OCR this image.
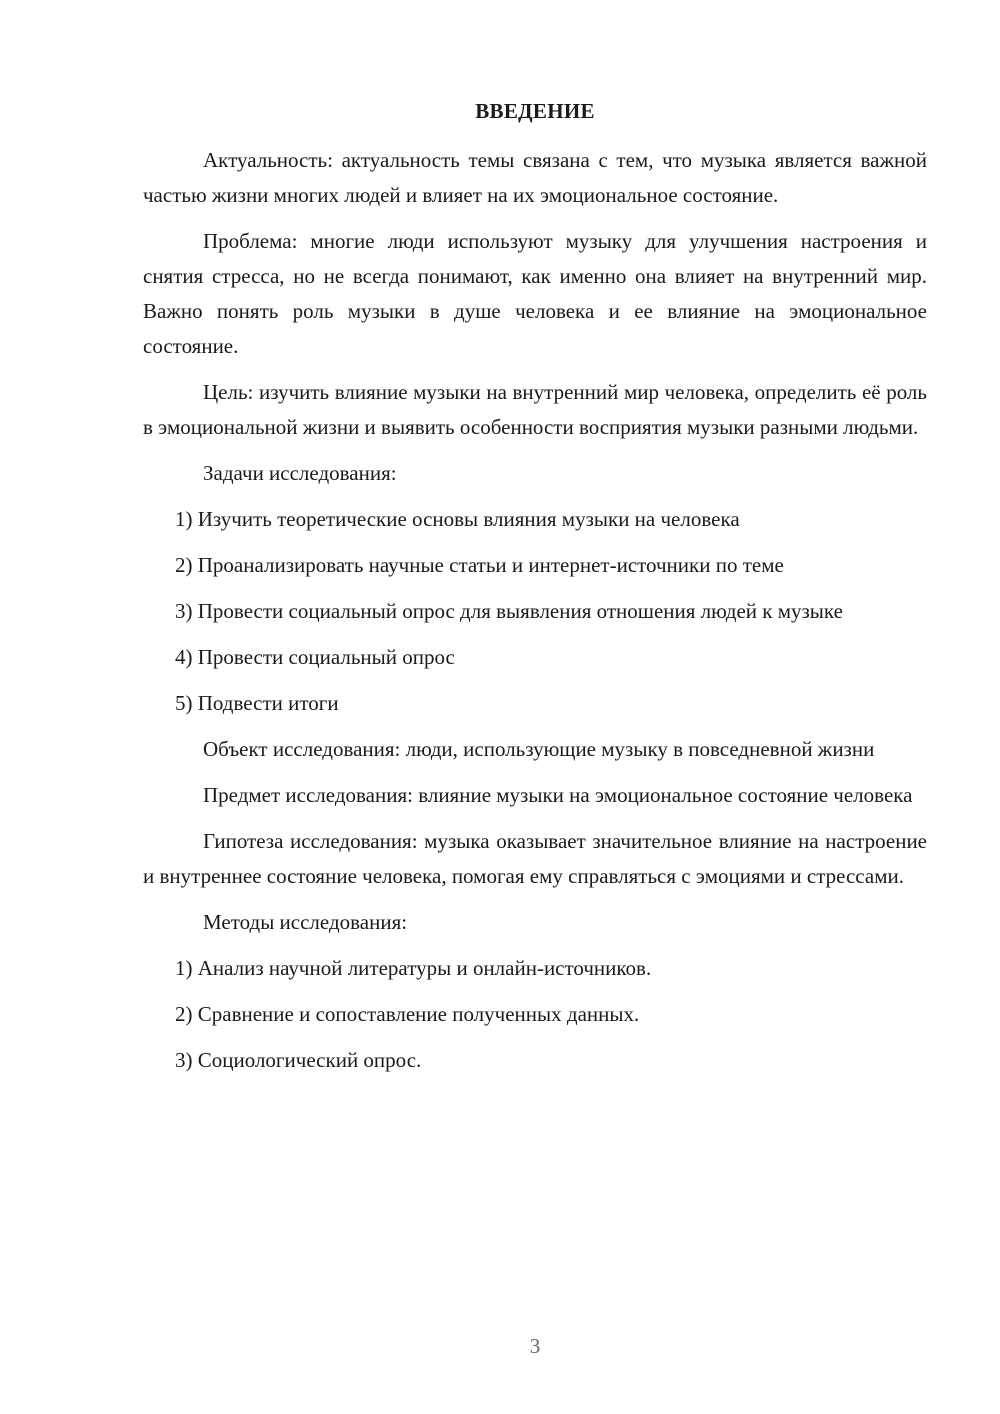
ВВЕДЕНИЕ

Актуальность: актуальность темы связана с тем, что музыка является важной частью жизни многих людей и влияет на их эмоциональное состояние.

Проблема: многие люди используют музыку для улучшения настроения и снятия стресса, но не всегда понимают, как именно она влияет на внутренний мир. Важно понять роль музыки в душе человека и ее влияние на эмоциональное состояние.

Цель: изучить влияние музыки на внутренний мир человека, определить её роль в эмоциональной жизни и выявить особенности восприятия музыки разными людьми.

Задачи исследования:

1) Изучить теоретические основы влияния музыки на человека

2) Проанализировать научные статьи и интернет-источники по теме

3) Провести социальный опрос для выявления отношения людей к музыке

4) Провести социальный опрос

5) Подвести итоги

Объект исследования: люди, использующие музыку в повседневной жизни

Предмет исследования: влияние музыки на эмоциональное состояние человека

Гипотеза исследования: музыка оказывает значительное влияние на настроение и внутреннее состояние человека, помогая ему справляться с эмоциями и стрессами.

Методы исследования:

1) Анализ научной литературы и онлайн-источников.

2) Сравнение и сопоставление полученных данных.

3) Социологический опрос.

3
